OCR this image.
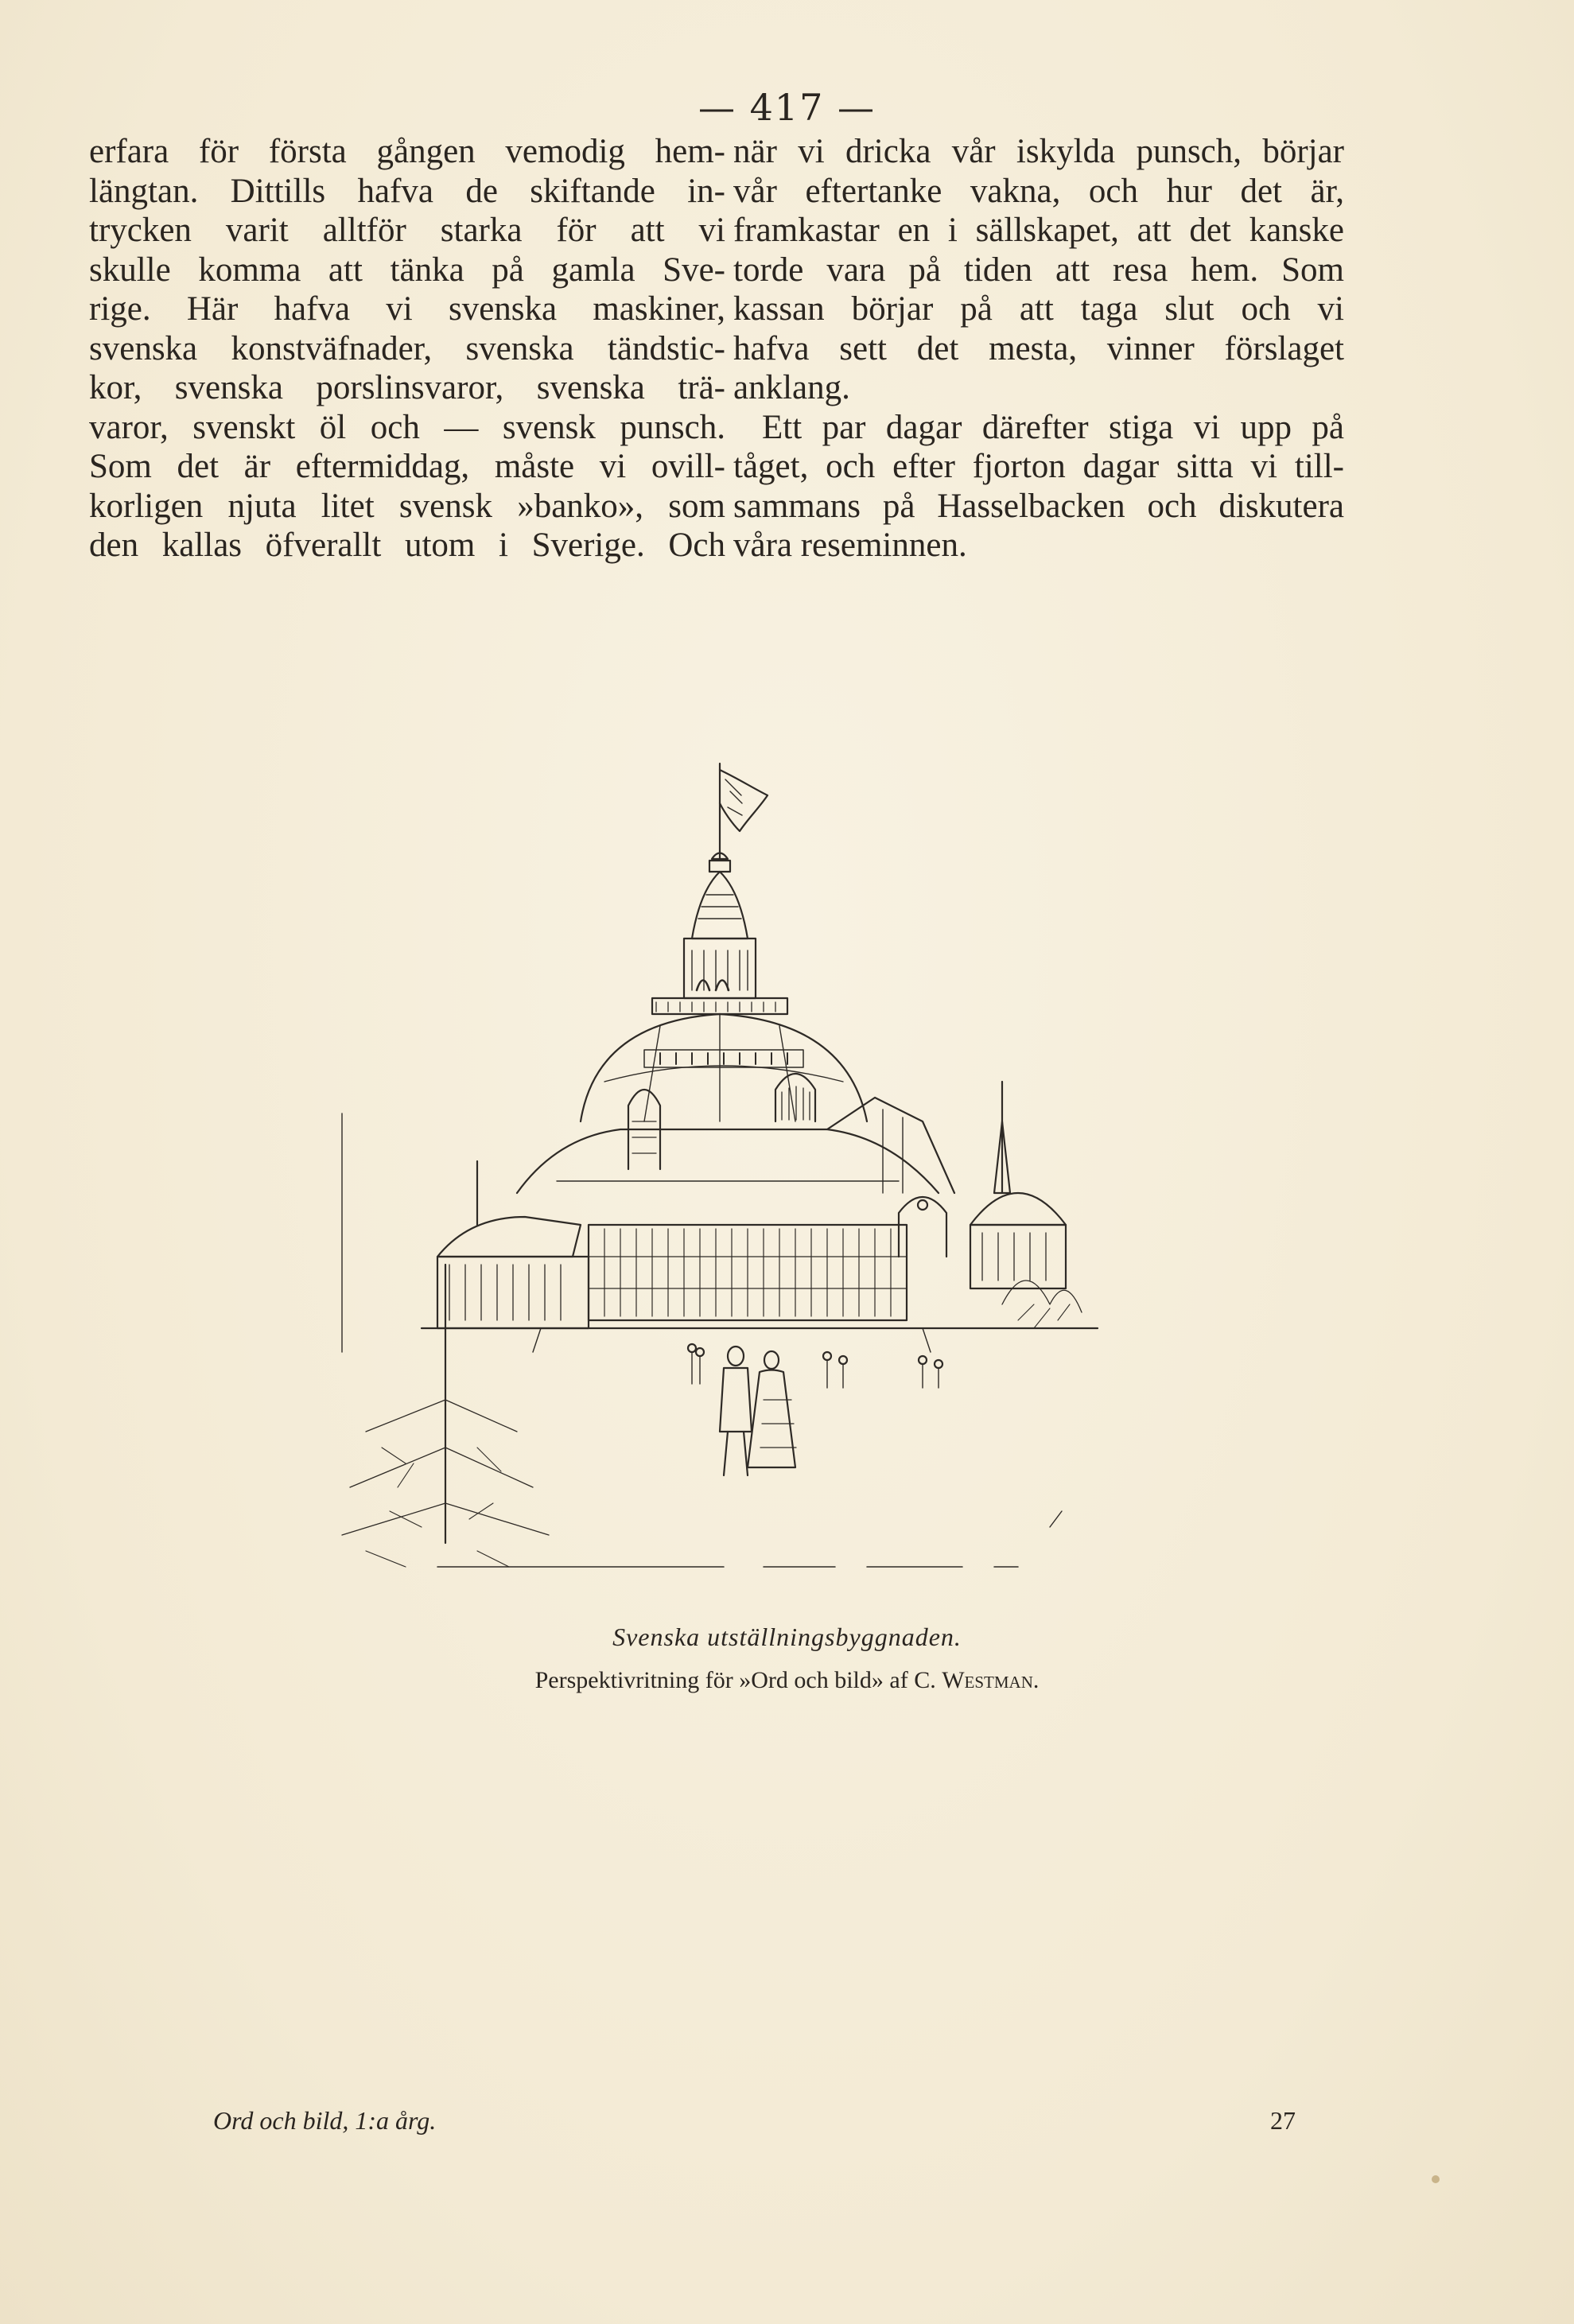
— 417 —
erfara för första gången vemodig hem-
längtan. Dittills hafva de skiftande in-
trycken varit alltför starka för att vi
skulle komma att tänka på gamla Sve-
rige. Här hafva vi svenska maskiner,
svenska konstväfnader, svenska tändstic-
kor, svenska porslinsvaror, svenska trä-
varor, svenskt öl och — svensk punsch.
Som det är eftermiddag, måste vi ovill-
korligen njuta litet svensk »banko», som
den kallas öfverallt utom i Sverige. Och
när vi dricka vår iskylda punsch, börjar
vår eftertanke vakna, och hur det är,
framkastar en i sällskapet, att det kanske
torde vara på tiden att resa hem. Som
kassan börjar på att taga slut och vi
hafva sett det mesta, vinner förslaget
anklang.
Ett par dagar därefter stiga vi upp på
tåget, och efter fjorton dagar sitta vi till-
sammans på Hasselbacken och diskutera
våra reseminnen.
Svenska utställningsbyggnaden.
Perspektivritning för »Ord och bild» af C. Westman.
Ord och bild, 1:a årg.	27
